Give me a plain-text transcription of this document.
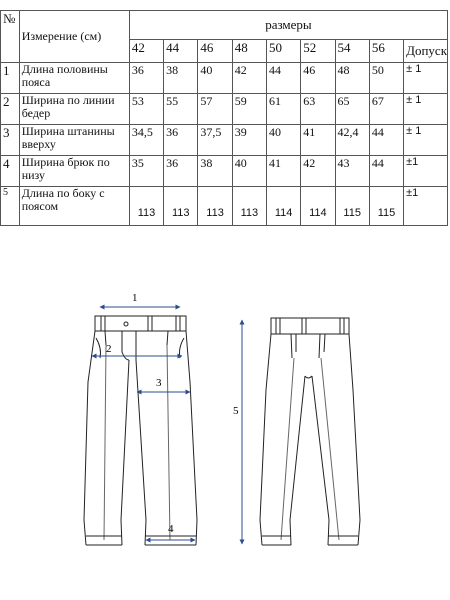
№	Измерение (см)	размеры								
		42	44	46	48	50	52	54	56	Допуск
1	Длина половины пояса	36	38	40	42	44	46	48	50	± 1
2	Ширина по линии бедер	53	55	57	59	61	63	65	67	± 1
3	Ширина штанины вверху	34,5	36	37,5	39	40	41	42,4	44	± 1
4	Ширина брюк по низу	35	36	38	40	41	42	43	44	±1
5	Длина по боку с поясом	113	113	113	113	114	114	115	115	±1
1
2
3
4
5
